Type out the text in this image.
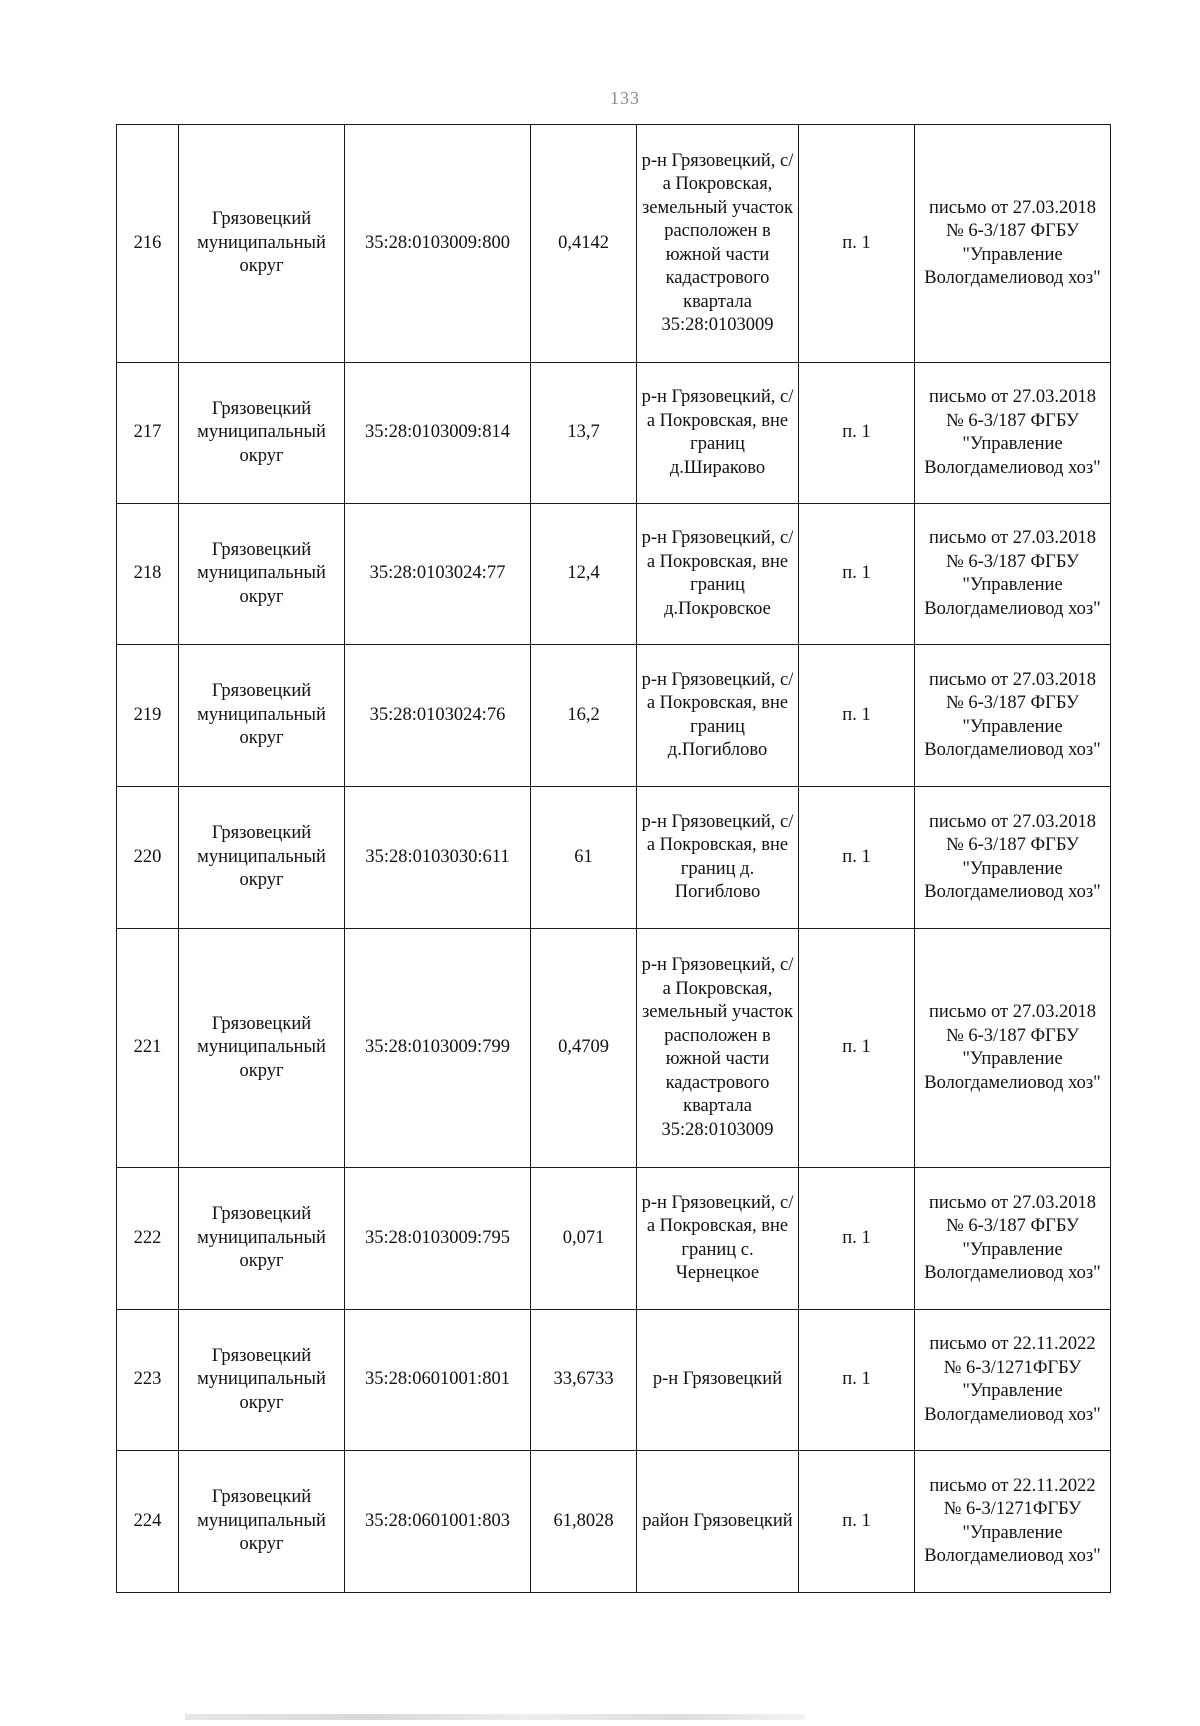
133
216	Грязовецкий муниципальный округ	35:28:0103009:800	0,4142	р-н Грязовецкий, с/а Покровская, земельный участок расположен в южной части кадастрового квартала 35:28:0103009	п. 1	письмо от 27.03.2018 № 6-3/187 ФГБУ "Управление Вологдамелиовод хоз"
217	Грязовецкий муниципальный округ	35:28:0103009:814	13,7	р-н Грязовецкий, с/а Покровская, вне границ д.Шираково	п. 1	письмо от 27.03.2018 № 6-3/187 ФГБУ "Управление Вологдамелиовод хоз"
218	Грязовецкий муниципальный округ	35:28:0103024:77	12,4	р-н Грязовецкий, с/а Покровская, вне границ д.Покровское	п. 1	письмо от 27.03.2018 № 6-3/187 ФГБУ "Управление Вологдамелиовод хоз"
219	Грязовецкий муниципальный округ	35:28:0103024:76	16,2	р-н Грязовецкий, с/а Покровская, вне границ д.Погиблово	п. 1	письмо от 27.03.2018 № 6-3/187 ФГБУ "Управление Вологдамелиовод хоз"
220	Грязовецкий муниципальный округ	35:28:0103030:611	61	р-н Грязовецкий, с/а Покровская, вне границ д. Погиблово	п. 1	письмо от 27.03.2018 № 6-3/187 ФГБУ "Управление Вологдамелиовод хоз"
221	Грязовецкий муниципальный округ	35:28:0103009:799	0,4709	р-н Грязовецкий, с/а Покровская, земельный участок расположен в южной части кадастрового квартала 35:28:0103009	п. 1	письмо от 27.03.2018 № 6-3/187 ФГБУ "Управление Вологдамелиовод хоз"
222	Грязовецкий муниципальный округ	35:28:0103009:795	0,071	р-н Грязовецкий, с/а Покровская, вне границ с. Чернецкое	п. 1	письмо от 27.03.2018 № 6-3/187 ФГБУ "Управление Вологдамелиовод хоз"
223	Грязовецкий муниципальный округ	35:28:0601001:801	33,6733	р-н Грязовецкий	п. 1	письмо от 22.11.2022 № 6-3/1271ФГБУ "Управление Вологдамелиовод хоз"
224	Грязовецкий муниципальный округ	35:28:0601001:803	61,8028	район Грязовецкий	п. 1	письмо от 22.11.2022 № 6-3/1271ФГБУ "Управление Вологдамелиовод хоз"
